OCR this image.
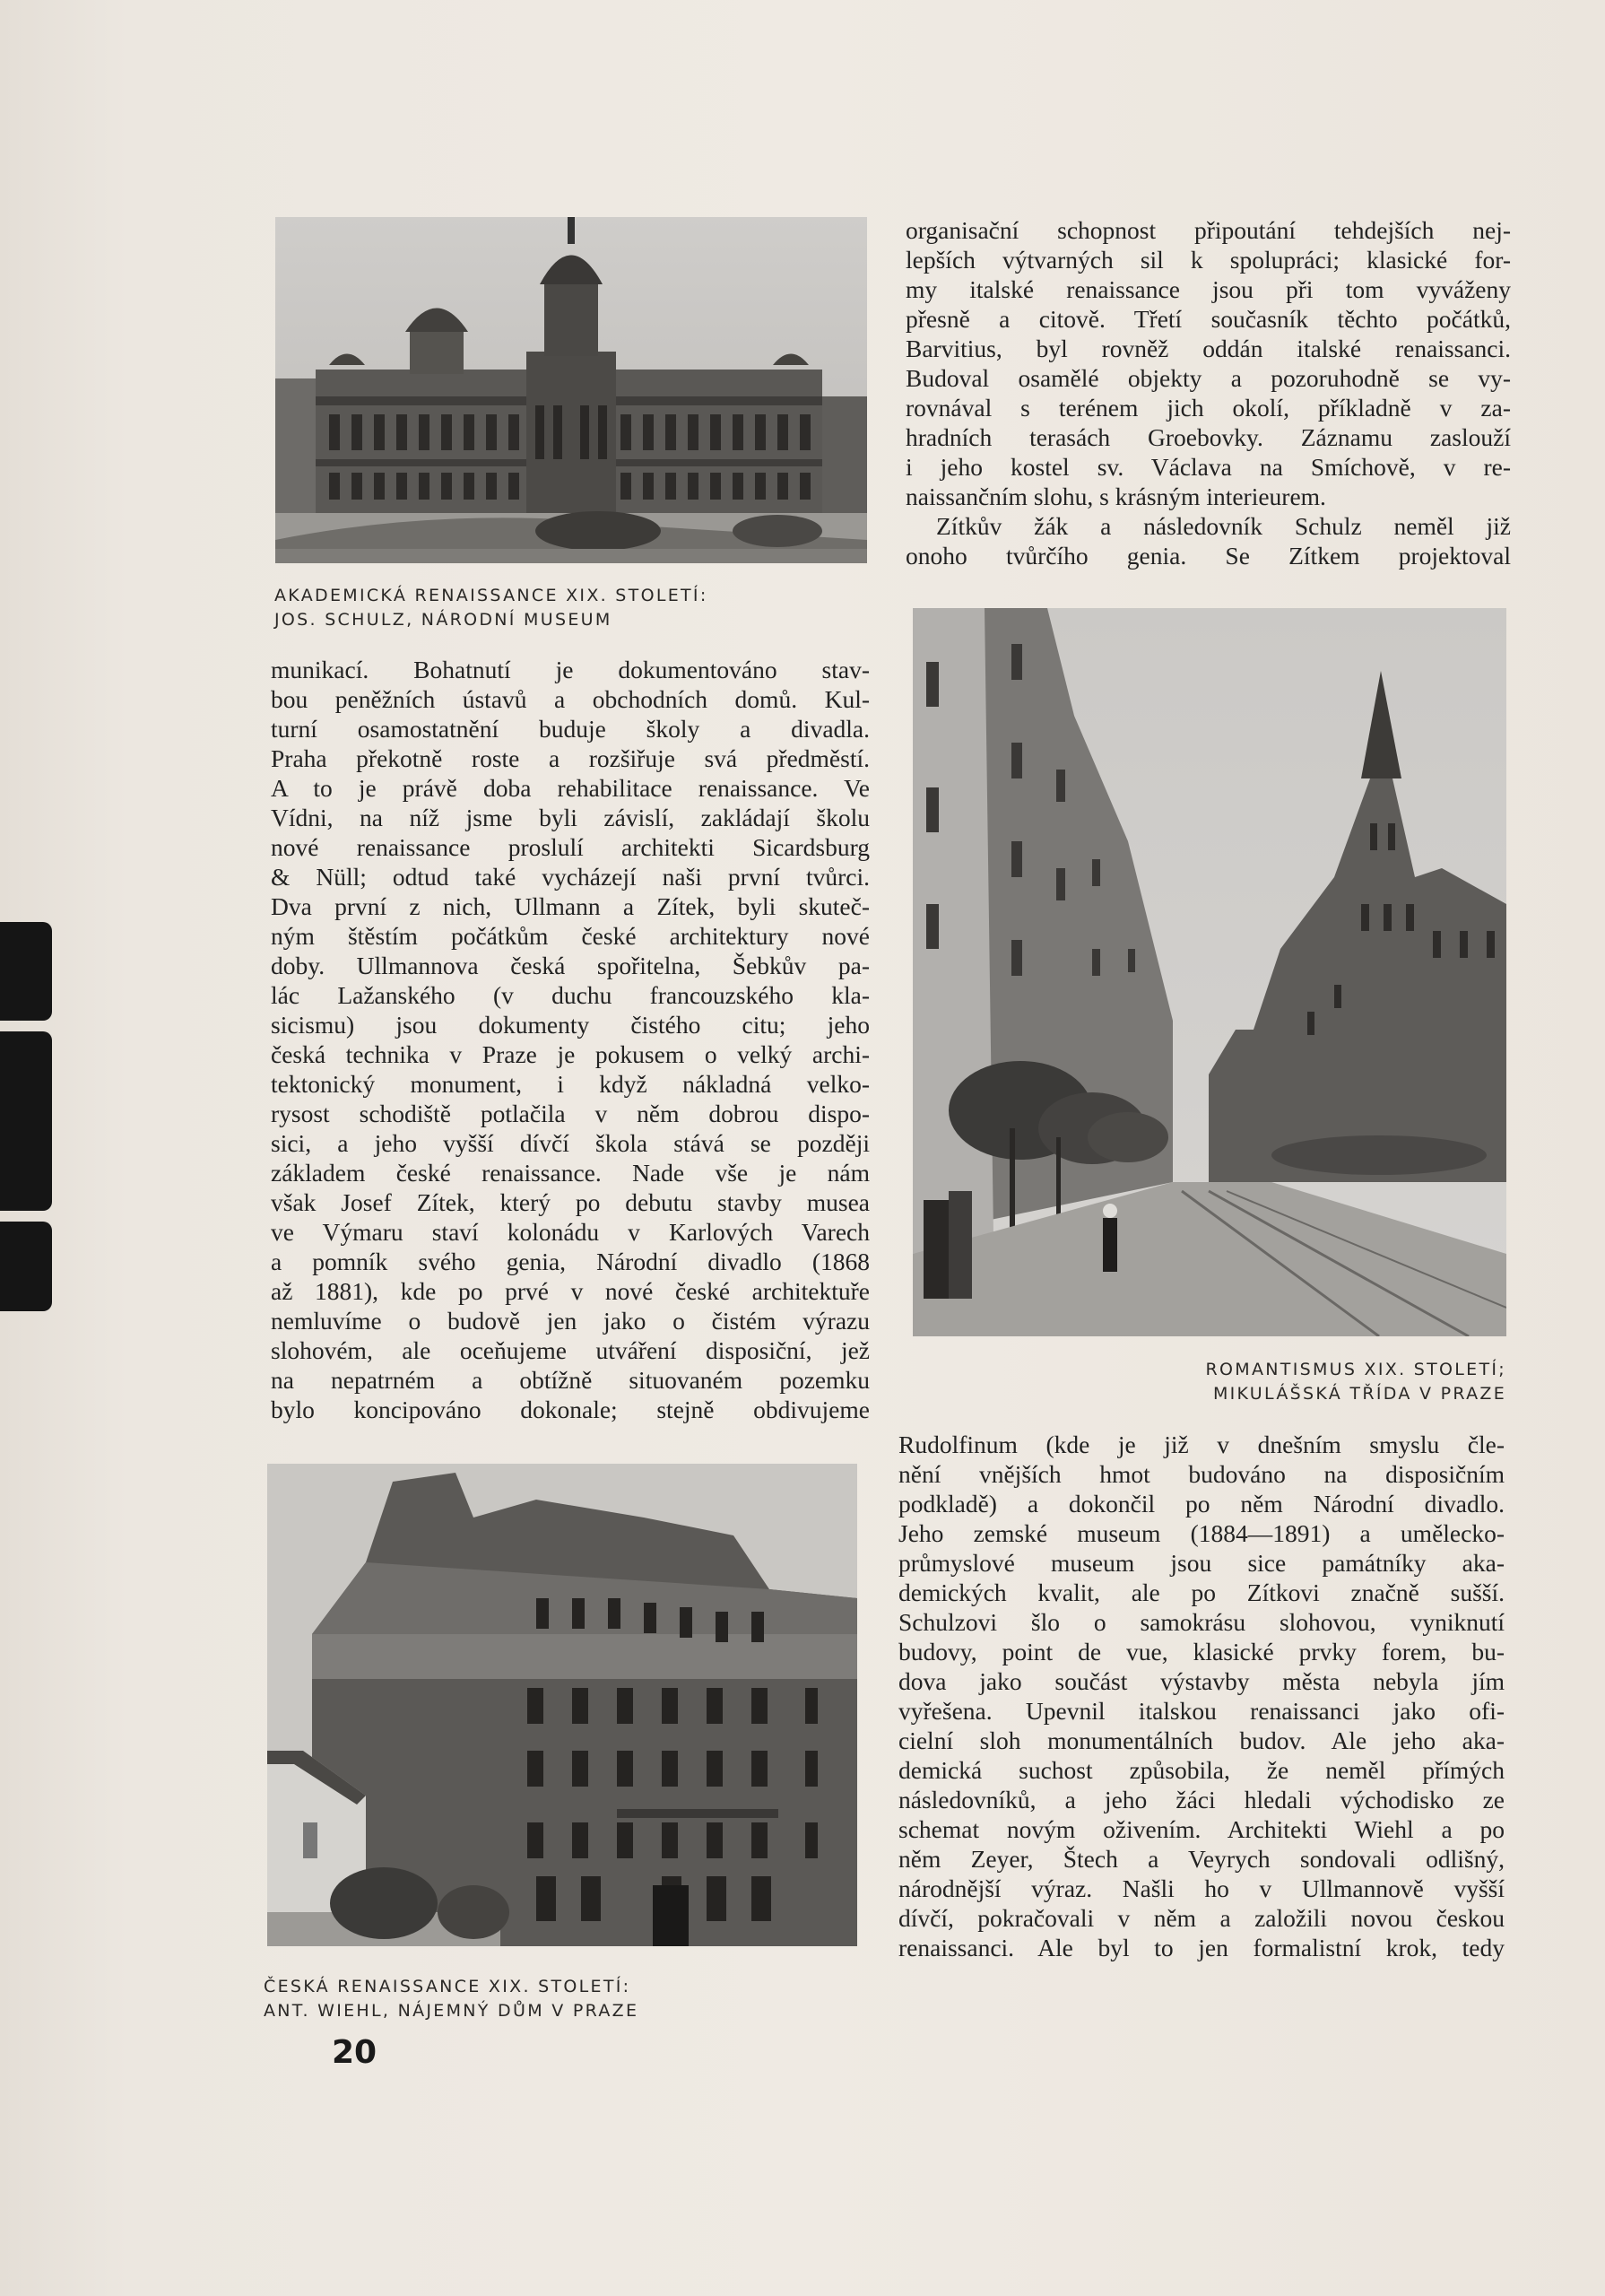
AKADEMICKÁ RENAISSANCE XIX. STOLETÍ:
JOS. SCHULZ, NÁRODNÍ MUSEUM
organisační schopnost připoutání tehdejších nej-
lepších výtvarných sil k spolupráci; klasické for-
my italské renaissance jsou při tom vyváženy
přesně a citově. Třetí současník těchto počátků,
Barvitius, byl rovněž oddán italské renaissanci.
Budoval osamělé objekty a pozoruhodně se vy-
rovnával s terénem jich okolí, příkladně v za-
hradních terasách Groebovky. Záznamu zaslouží
i jeho kostel sv. Václava na Smíchově, v re-
naissančním slohu, s krásným interieurem.
Zítkův žák a následovník Schulz neměl již
onoho tvůrčího genia. Se Zítkem projektoval
ROMANTISMUS XIX. STOLETÍ;
MIKULÁŠSKÁ TŘÍDA V PRAZE
munikací. Bohatnutí je dokumentováno stav-
bou peněžních ústavů a obchodních domů. Kul-
turní osamostatnění buduje školy a divadla.
Praha překotně roste a rozšiřuje svá předměstí.
A to je právě doba rehabilitace renaissance. Ve
Vídni, na níž jsme byli závislí, zakládají školu
nové renaissance proslulí architekti Sicardsburg
& Nüll; odtud také vycházejí naši první tvůrci.
Dva první z nich, Ullmann a Zítek, byli skuteč-
ným štěstím počátkům české architektury nové
doby. Ullmannova česká spořitelna, Šebkův pa-
lác Lažanského (v duchu francouzského kla-
sicismu) jsou dokumenty čistého citu; jeho
česká technika v Praze je pokusem o velký archi-
tektonický monument, i když nákladná velko-
rysost schodiště potlačila v něm dobrou dispo-
sici, a jeho vyšší dívčí škola stává se později
základem české renaissance. Nade vše je nám
však Josef Zítek, který po debutu stavby musea
ve Výmaru staví kolonádu v Karlových Varech
a pomník svého genia, Národní divadlo (1868
až 1881), kde po prvé v nové české architektuře
nemluvíme o budově jen jako o čistém výrazu
slohovém, ale oceňujeme utváření disposiční, jež
na nepatrném a obtížně situovaném pozemku
bylo koncipováno dokonale; stejně obdivujeme
ČESKÁ RENAISSANCE XIX. STOLETÍ:
ANT. WIEHL, NÁJEMNÝ DŮM V PRAZE
Rudolfinum (kde je již v dnešním smyslu čle-
nění vnějších hmot budováno na disposičním
podkladě) a dokončil po něm Národní divadlo.
Jeho zemské museum (1884—1891) a umělecko-
průmyslové museum jsou sice památníky aka-
demických kvalit, ale po Zítkovi značně sušší.
Schulzovi šlo o samokrásu slohovou, vyniknutí
budovy, point de vue, klasické prvky forem, bu-
dova jako součást výstavby města nebyla jím
vyřešena. Upevnil italskou renaissanci jako ofi-
cielní sloh monumentálních budov. Ale jeho aka-
demická suchost způsobila, že neměl přímých
následovníků, a jeho žáci hledali východisko ze
schemat novým oživením. Architekti Wiehl a po
něm Zeyer, Štech a Veyrych sondovali odlišný,
národnější výraz. Našli ho v Ullmannově vyšší
dívčí, pokračovali v něm a založili novou českou
renaissanci. Ale byl to jen formalistní krok, tedy
20
